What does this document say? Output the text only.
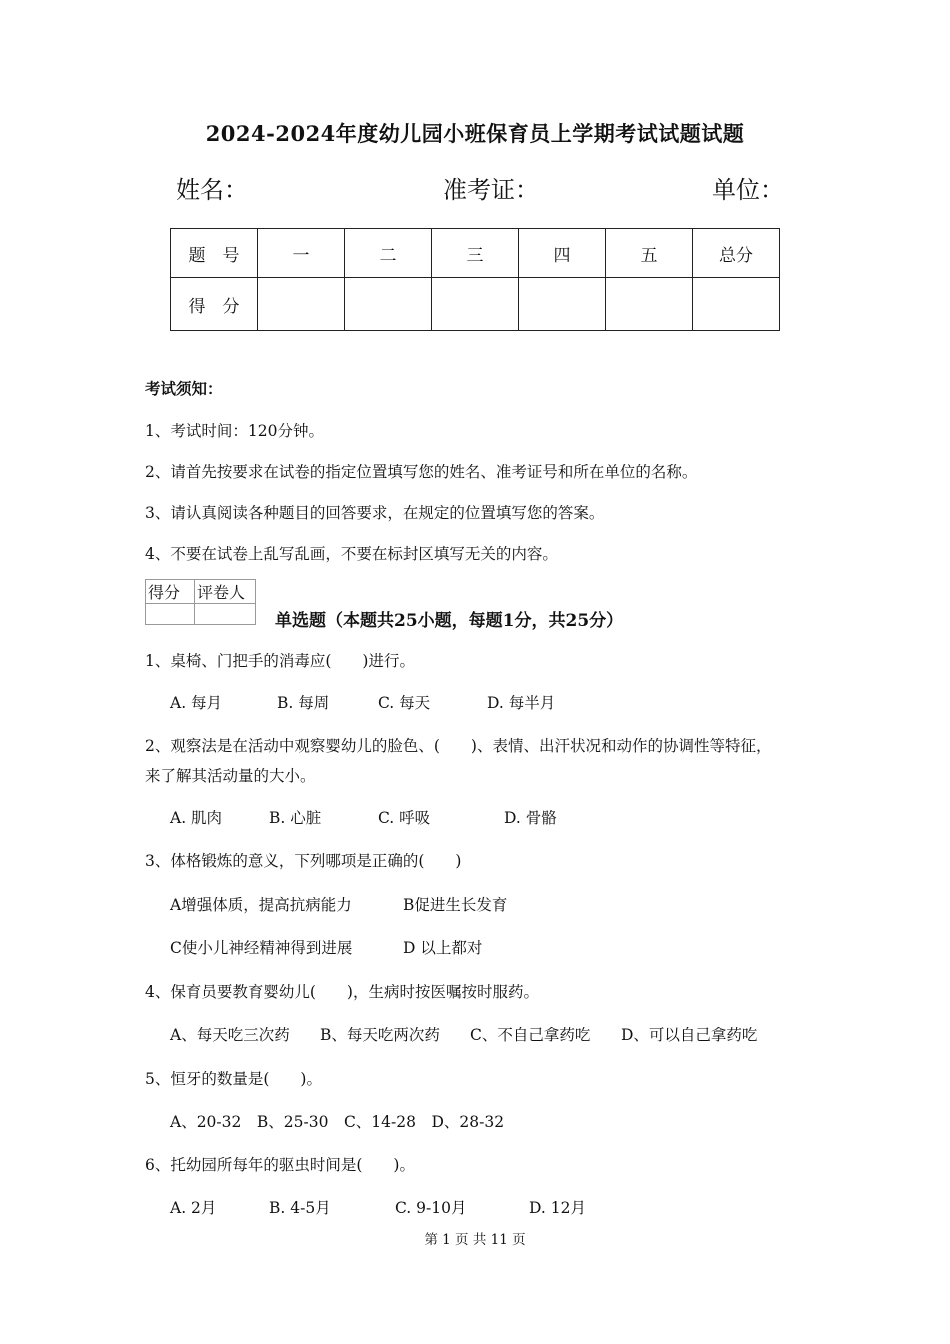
2024-2024年度幼儿园小班保育员上学期考试试题试题
姓名：	准考证：	单位：
题　号	一	二	三	四	五	总分
得　分						
考试须知：
1、考试时间：120分钟。
2、请首先按要求在试卷的指定位置填写您的姓名、准考证号和所在单位的名称。
3、请认真阅读各种题目的回答要求，在规定的位置填写您的答案。
4、不要在试卷上乱写乱画，不要在标封区填写无关的内容。
得分	评卷人

单选题（本题共25小题，每题1分，共25分）
1、桌椅、门把手的消毒应(　　)进行。
A. 每月	B. 每周	C. 每天	D. 每半月
2、观察法是在活动中观察婴幼儿的脸色、(　　)、表情、出汗状况和动作的协调性等特征，
来了解其活动量的大小。
A. 肌肉	B. 心脏	C. 呼吸	D. 骨骼
3、体格锻炼的意义，下列哪项是正确的(　　)
A增强体质，提高抗病能力	B促进生长发育
C使小儿神经精神得到进展	D 以上都对
4、保育员要教育婴幼儿(　　)，生病时按医嘱按时服药。
A、每天吃三次药 B、每天吃两次药 C、不自己拿药吃 D、可以自己拿药吃
5、恒牙的数量是(　　)。
A、20-32　B、25-30　C、14-28　D、28-32
6、托幼园所每年的驱虫时间是(　　)。
A. 2月	B. 4-5月	C. 9-10月	D. 12月
第 1 页 共 11 页
